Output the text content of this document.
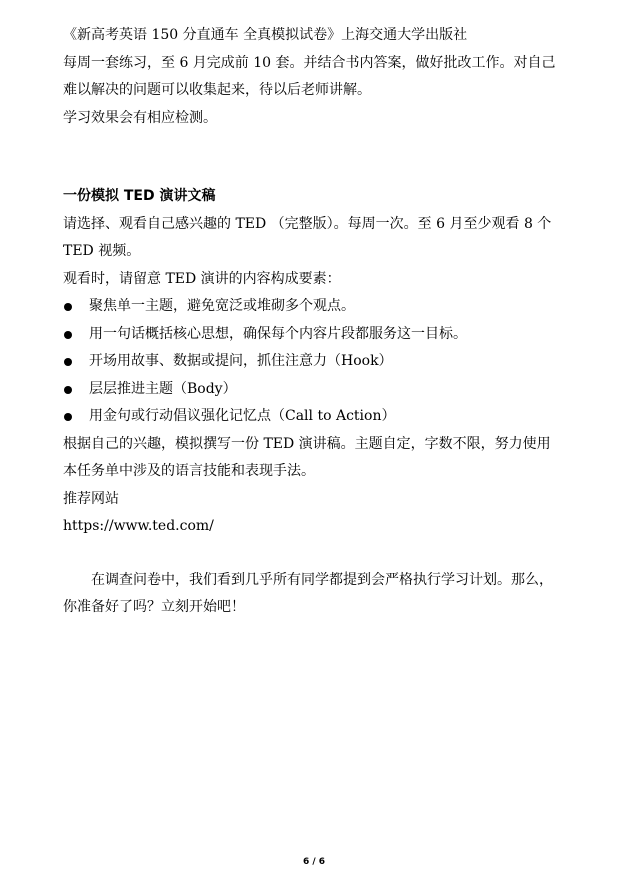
《新高考英语 150 分直通车 全真模拟试卷》上海交通大学出版社
每周一套练习，至 6 月完成前 10 套。并结合书内答案，做好批改工作。对自己
难以解决的问题可以收集起来，待以后老师讲解。
学习效果会有相应检测。
一份模拟 TED 演讲文稿
请选择、观看自己感兴趣的 TED （完整版）。每周一次。至 6 月至少观看 8 个
TED 视频。
观看时，请留意 TED 演讲的内容构成要素：
聚焦单一主题，避免宽泛或堆砌多个观点。
用一句话概括核心思想，确保每个内容片段都服务这一目标。
开场用故事、数据或提问，抓住注意力（Hook）
层层推进主题（Body）
用金句或行动倡议强化记忆点（Call to Action）
根据自己的兴趣，模拟撰写一份 TED 演讲稿。主题自定，字数不限，努力使用
本任务单中涉及的语言技能和表现手法。
推荐网站
https://www.ted.com/
在调查问卷中，我们看到几乎所有同学都提到会严格执行学习计划。那么，
你准备好了吗？立刻开始吧！
6 / 6
